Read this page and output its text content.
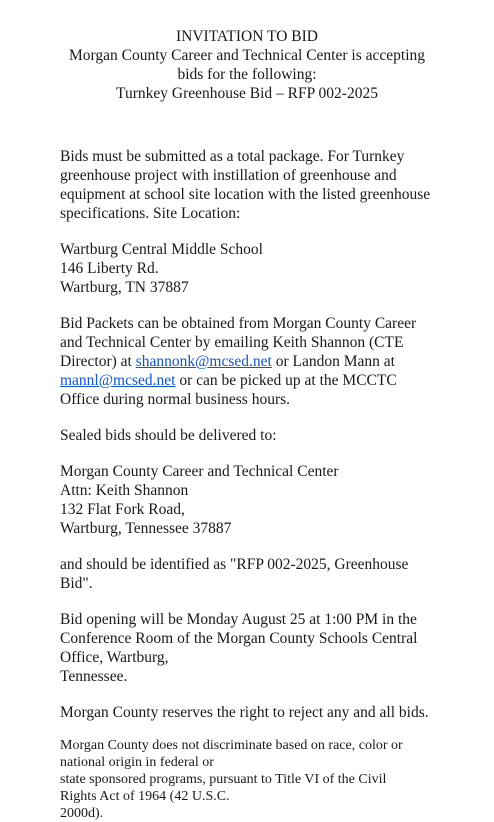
INVITATION TO BID
Morgan County Career and Technical Center is accepting
bids for the following:
Turnkey Greenhouse Bid – RFP 002-2025

Bids must be submitted as a total package. For Turnkey
greenhouse project with instillation of greenhouse and
equipment at school site location with the listed greenhouse
specifications. Site Location:

Wartburg Central Middle School
146 Liberty Rd.
Wartburg, TN 37887

Bid Packets can be obtained from Morgan County Career
and Technical Center by emailing Keith Shannon (CTE
Director) at shannonk@mcsed.net or Landon Mann at
mannl@mcsed.net or can be picked up at the MCCTC
Office during normal business hours.

Sealed bids should be delivered to:

Morgan County Career and Technical Center
Attn: Keith Shannon
132 Flat Fork Road,
Wartburg, Tennessee 37887

and should be identified as "RFP 002-2025, Greenhouse
Bid".

Bid opening will be Monday August 25 at 1:00 PM in the
Conference Room of the Morgan County Schools Central
Office, Wartburg,
Tennessee.

Morgan County reserves the right to reject any and all bids.

Morgan County does not discriminate based on race, color or
national origin in federal or
state sponsored programs, pursuant to Title VI of the Civil
Rights Act of 1964 (42 U.S.C.
2000d).
